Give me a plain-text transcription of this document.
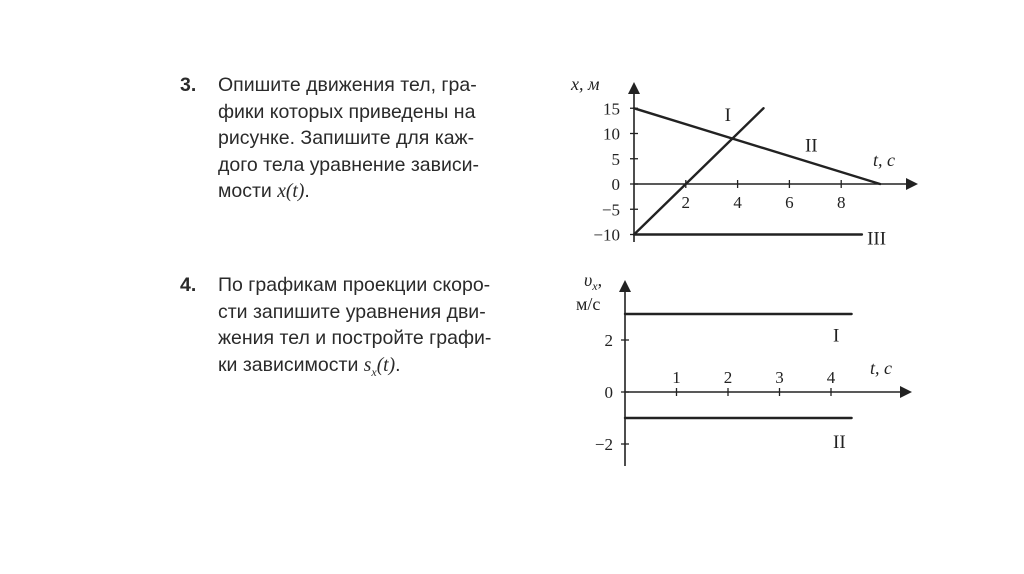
3.	Опишите движения тел, гра-
фики которых приведены на
рисунке. Запишите для каж-
дого тела уравнение зависи-
мости x(t).
4.	По графикам проекции скоро-
сти запишите уравнения дви-
жения тел и постройте графи-
ки зависимости $s_x(t)$.
2	4	6	8
15
10
5
0
−5
−10
x, м
t, с
I
II
III
1	2	3	4
2
0
−2
$\upsilon_x$,
м/с
t, с
I
II
